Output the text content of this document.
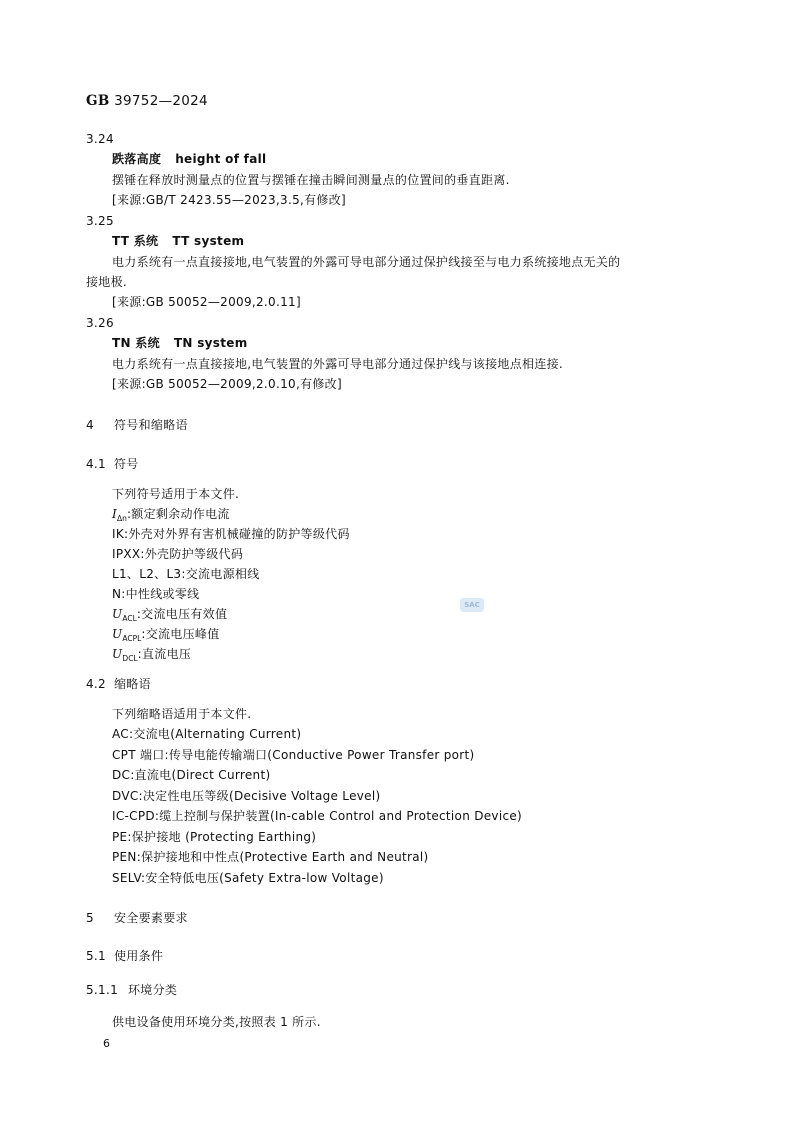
GB 39752—2024
3.24
跌落高度 height of fall
摆锤在释放时测量点的位置与摆锤在撞击瞬间测量点的位置间的垂直距离.
[来源:GB/T 2423.55—2023,3.5,有修改]
3.25
TT 系统 TT system
电力系统有一点直接接地,电气装置的外露可导电部分通过保护线接至与电力系统接地点无关的
接地极.
[来源:GB 50052—2009,2.0.11]
3.26
TN 系统 TN system
电力系统有一点直接接地,电气装置的外露可导电部分通过保护线与该接地点相连接.
[来源:GB 50052—2009,2.0.10,有修改]
4 符号和缩略语
4.1 符号
下列符号适用于本文件.
$I_{\Delta n}$:额定剩余动作电流
IK:外壳对外界有害机械碰撞的防护等级代码
IPXX:外壳防护等级代码
L1、L2、L3:交流电源相线
N:中性线或零线
$U_{ACL}$:交流电压有效值
$U_{ACPL}$:交流电压峰值
$U_{DCL}$:直流电压
SAC
4.2 缩略语
下列缩略语适用于本文件.
AC:交流电(Alternating Current)
CPT 端口:传导电能传输端口(Conductive Power Transfer port)
DC:直流电(Direct Current)
DVC:决定性电压等级(Decisive Voltage Level)
IC-CPD:缆上控制与保护装置(In-cable Control and Protection Device)
PE:保护接地 (Protecting Earthing)
PEN:保护接地和中性点(Protective Earth and Neutral)
SELV:安全特低电压(Safety Extra-low Voltage)
5 安全要素要求
5.1 使用条件
5.1.1 环境分类
供电设备使用环境分类,按照表 1 所示.
6
